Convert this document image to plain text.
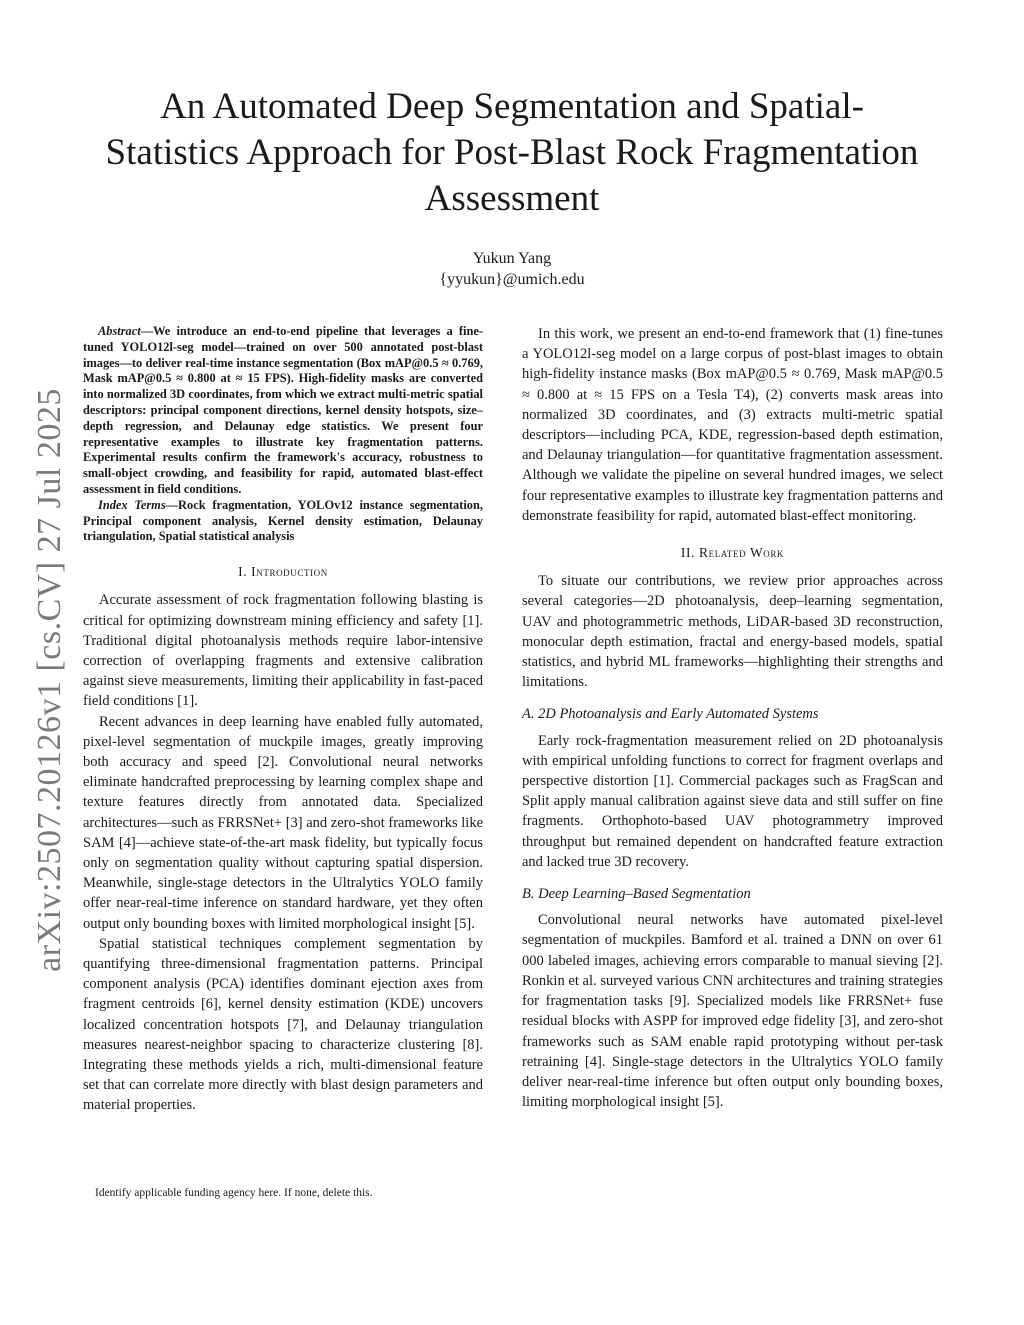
arXiv:2507.20126v1 [cs.CV] 27 Jul 2025
An Automated Deep Segmentation and Spatial-Statistics Approach for Post-Blast Rock Fragmentation Assessment
Yukun Yang
{yyukun}@umich.edu

Abstract—We introduce an end-to-end pipeline that leverages a fine-tuned YOLO12l-seg model—trained on over 500 annotated post-blast images—to deliver real-time instance segmentation (Box mAP@0.5 ≈ 0.769, Mask mAP@0.5 ≈ 0.800 at ≈ 15 FPS). High-fidelity masks are converted into normalized 3D coordinates, from which we extract multi-metric spatial descriptors: principal component directions, kernel density hotspots, size–depth regression, and Delaunay edge statistics. We present four representative examples to illustrate key fragmentation patterns. Experimental results confirm the framework's accuracy, robustness to small-object crowding, and feasibility for rapid, automated blast-effect assessment in field conditions.

Index Terms—Rock fragmentation, YOLOv12 instance segmentation, Principal component analysis, Kernel density estimation, Delaunay triangulation, Spatial statistical analysis

I. Introduction

Accurate assessment of rock fragmentation following blasting is critical for optimizing downstream mining efficiency and safety [1]. Traditional digital photoanalysis methods require labor-intensive correction of overlapping fragments and extensive calibration against sieve measurements, limiting their applicability in fast-paced field conditions [1].

Recent advances in deep learning have enabled fully automated, pixel-level segmentation of muckpile images, greatly improving both accuracy and speed [2]. Convolutional neural networks eliminate handcrafted preprocessing by learning complex shape and texture features directly from annotated data. Specialized architectures—such as FRRSNet+ [3] and zero-shot frameworks like SAM [4]—achieve state-of-the-art mask fidelity, but typically focus only on segmentation quality without capturing spatial dispersion. Meanwhile, single-stage detectors in the Ultralytics YOLO family offer near-real-time inference on standard hardware, yet they often output only bounding boxes with limited morphological insight [5].

Spatial statistical techniques complement segmentation by quantifying three-dimensional fragmentation patterns. Principal component analysis (PCA) identifies dominant ejection axes from fragment centroids [6], kernel density estimation (KDE) uncovers localized concentration hotspots [7], and Delaunay triangulation measures nearest-neighbor spacing to characterize clustering [8]. Integrating these methods yields a rich, multi-dimensional feature set that can correlate more directly with blast design parameters and material properties.

Identify applicable funding agency here. If none, delete this.

In this work, we present an end-to-end framework that (1) fine-tunes a YOLO12l-seg model on a large corpus of post-blast images to obtain high-fidelity instance masks (Box mAP@0.5 ≈ 0.769, Mask mAP@0.5 ≈ 0.800 at ≈ 15 FPS on a Tesla T4), (2) converts mask areas into normalized 3D coordinates, and (3) extracts multi-metric spatial descriptors—including PCA, KDE, regression-based depth estimation, and Delaunay triangulation—for quantitative fragmentation assessment. Although we validate the pipeline on several hundred images, we select four representative examples to illustrate key fragmentation patterns and demonstrate feasibility for rapid, automated blast-effect monitoring.

II. Related Work

To situate our contributions, we review prior approaches across several categories—2D photoanalysis, deep–learning segmentation, UAV and photogrammetric methods, LiDAR-based 3D reconstruction, monocular depth estimation, fractal and energy-based models, spatial statistics, and hybrid ML frameworks—highlighting their strengths and limitations.

A. 2D Photoanalysis and Early Automated Systems

Early rock-fragmentation measurement relied on 2D photoanalysis with empirical unfolding functions to correct for fragment overlaps and perspective distortion [1]. Commercial packages such as FragScan and Split apply manual calibration against sieve data and still suffer on fine fragments. Orthophoto-based UAV photogrammetry improved throughput but remained dependent on handcrafted feature extraction and lacked true 3D recovery.

B. Deep Learning–Based Segmentation

Convolutional neural networks have automated pixel-level segmentation of muckpiles. Bamford et al. trained a DNN on over 61 000 labeled images, achieving errors comparable to manual sieving [2]. Ronkin et al. surveyed various CNN architectures and training strategies for fragmentation tasks [9]. Specialized models like FRRSNet+ fuse residual blocks with ASPP for improved edge fidelity [3], and zero-shot frameworks such as SAM enable rapid prototyping without per-task retraining [4]. Single-stage detectors in the Ultralytics YOLO family deliver near-real-time inference but often output only bounding boxes, limiting morphological insight [5].
